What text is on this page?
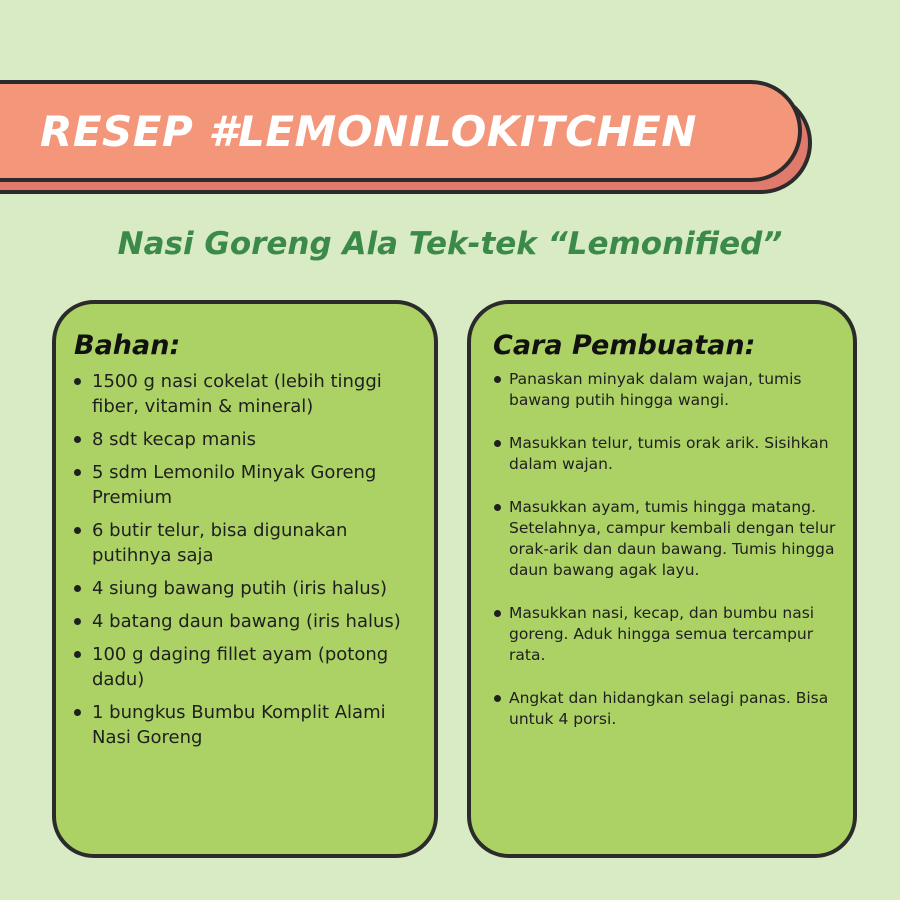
RESEP #LEMONILOKITCHEN
Nasi Goreng Ala Tek-tek “Lemonified”
Bahan:
1500 g nasi cokelat (lebih tinggi fiber, vitamin & mineral)
8 sdt kecap manis
5 sdm Lemonilo Minyak Goreng Premium
6 butir telur, bisa digunakan putihnya saja
4 siung bawang putih (iris halus)
4 batang daun bawang (iris halus)
100 g daging fillet ayam (potong dadu)
1 bungkus Bumbu Komplit Alami Nasi Goreng
Cara Pembuatan:
Panaskan minyak dalam wajan, tumis bawang putih hingga wangi.
Masukkan telur, tumis orak arik. Sisihkan dalam wajan.
Masukkan ayam, tumis hingga matang. Setelahnya, campur kembali dengan telur orak-arik dan daun bawang. Tumis hingga daun bawang agak layu.
Masukkan nasi, kecap, dan bumbu nasi goreng. Aduk hingga semua tercampur rata.
Angkat dan hidangkan selagi panas. Bisa untuk 4 porsi.
